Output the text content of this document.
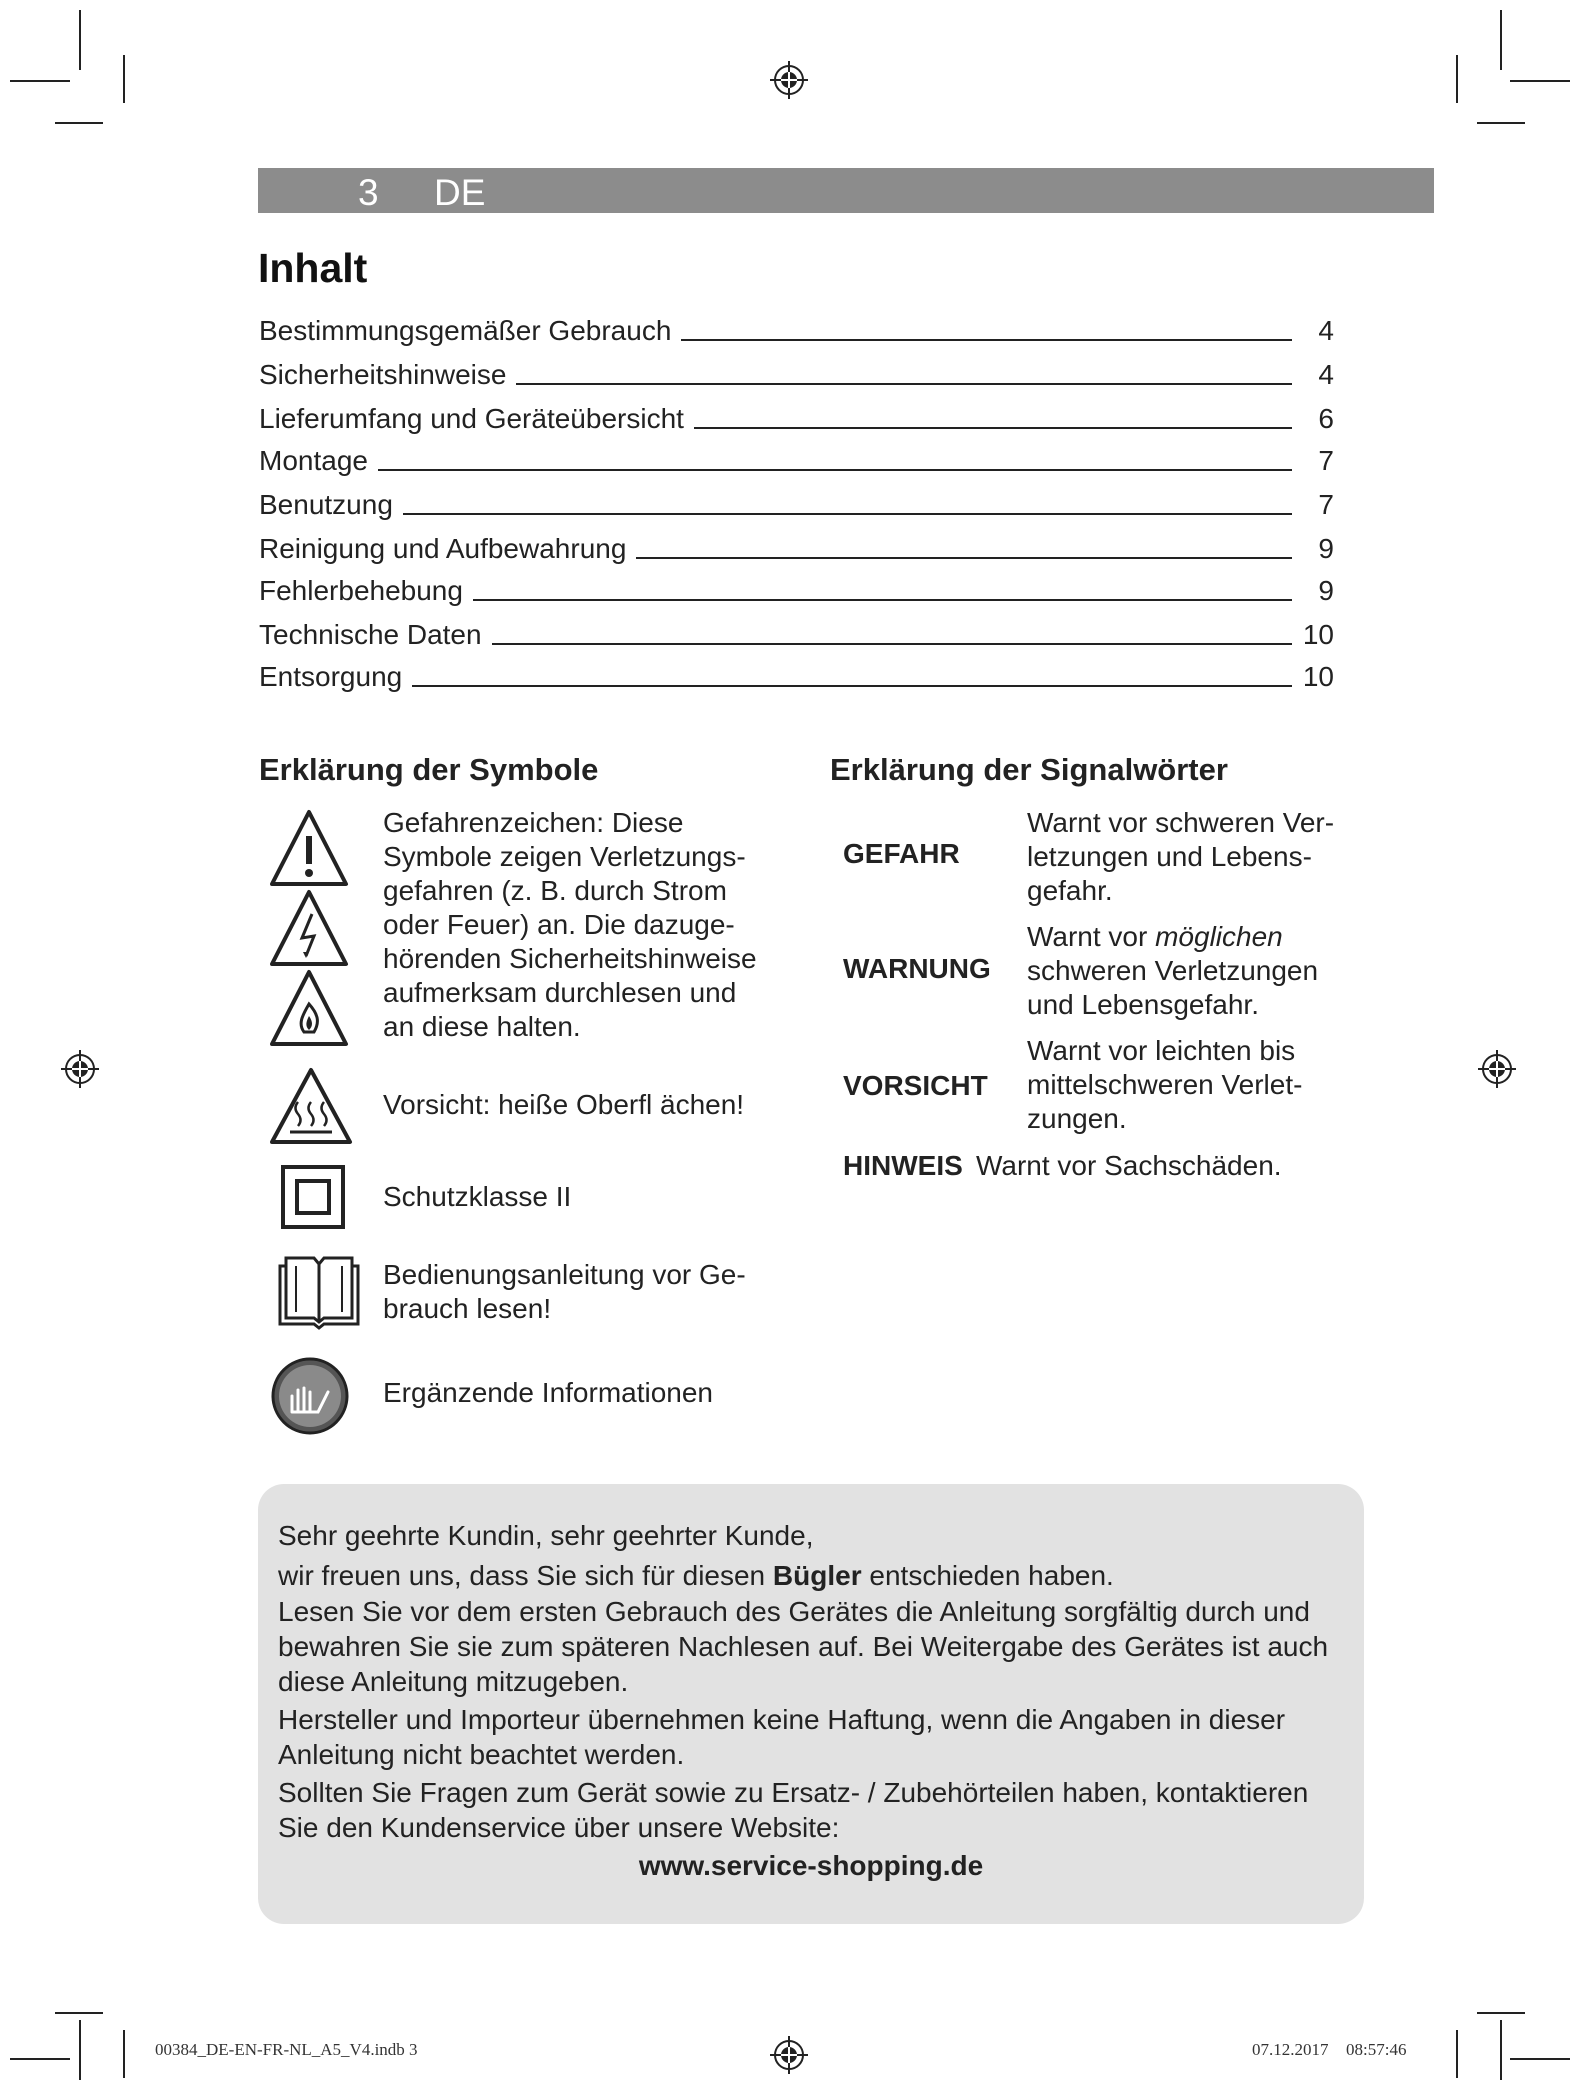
3 DE
Inhalt
Bestimmungsgemäßer Gebrauch	4
Sicherheitshinweise	4
Lieferumfang und Geräteübersicht	6
Montage	7
Benutzung	7
Reinigung und Aufbewahrung	9
Fehlerbehebung	9
Technische Daten	10
Entsorgung	10
Erklärung der Symbole
Gefahrenzeichen: Diese
Symbole zeigen Verletzungs-
gefahren (z. B. durch Strom
oder Feuer) an. Die dazuge-
hörenden Sicherheitshinweise
aufmerksam durchlesen und
an diese halten.
Vorsicht: heiße Oberfl ächen!
Schutzklasse II
Bedienungsanleitung vor Ge-
brauch lesen!
Ergänzende Informationen
Erklärung der Signalwörter
GEFAHR
Warnt vor schweren Ver-
letzungen und Lebens-
gefahr.
WARNUNG
Warnt vor möglichen
schweren Verletzungen
und Lebensgefahr.
VORSICHT
Warnt vor leichten bis
mittelschweren Verlet-
zungen.
HINWEIS Warnt vor Sachschäden.
Sehr geehrte Kundin, sehr geehrter Kunde,
wir freuen uns, dass Sie sich für diesen Bügler entschieden haben.
Lesen Sie vor dem ersten Gebrauch des Gerätes die Anleitung sorgfältig durch und
bewahren Sie sie zum späteren Nachlesen auf. Bei Weitergabe des Gerätes ist auch
diese Anleitung mitzugeben.
Hersteller und Importeur übernehmen keine Haftung, wenn die Angaben in dieser
Anleitung nicht beachtet werden.
Sollten Sie Fragen zum Gerät sowie zu Ersatz- / Zubehörteilen haben, kontaktieren
Sie den Kundenservice über unsere Website:
www.service-shopping.de
00384_DE-EN-FR-NL_A5_V4.indb 3	07.12.2017 08:57:46
